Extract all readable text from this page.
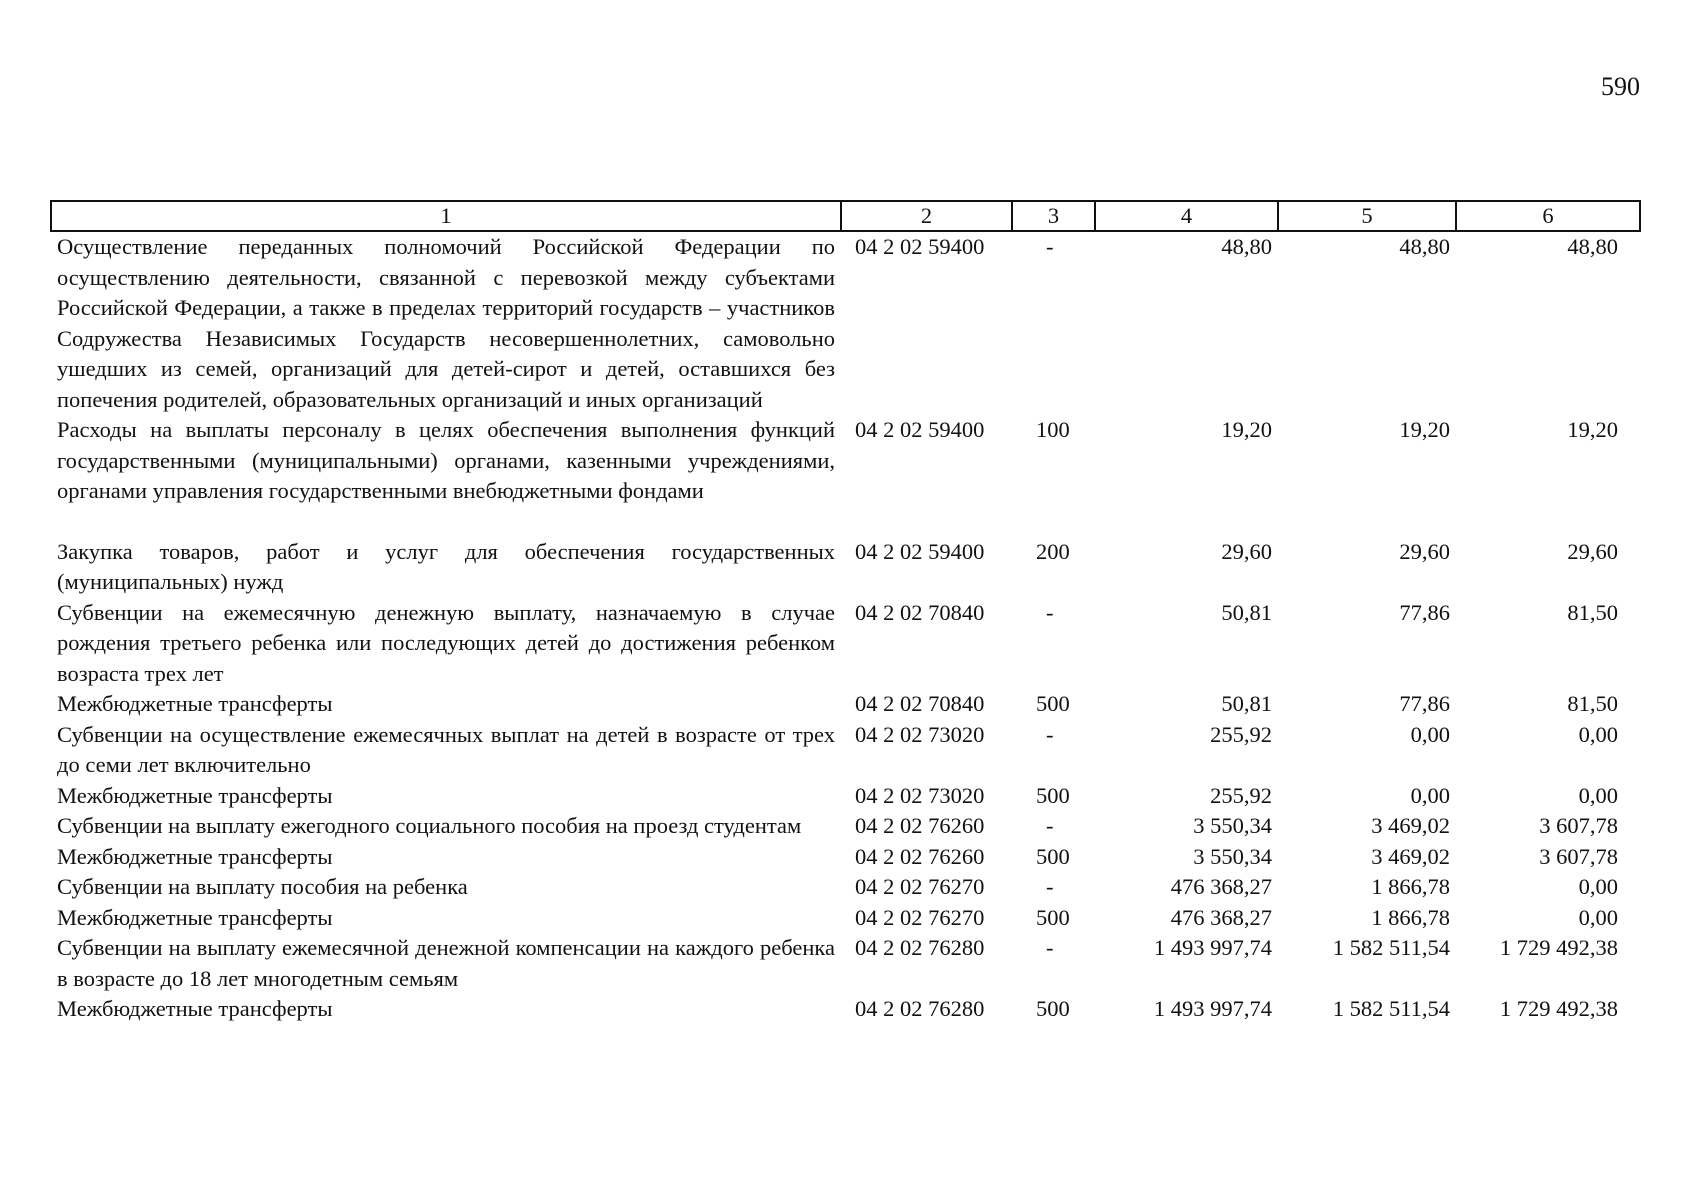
590
1	2	3	4	5	6
Осуществление переданных полномочий Российской Федерации по осуществлению деятельности, связанной с перевозкой между субъектами Российской Федерации, а также в пределах территорий государств – участников Содружества Независимых Государств несовершеннолетних, самовольно ушедших из семей, организаций для детей-сирот и детей, оставшихся без попечения родителей, образовательных организаций и иных организаций	04 2 02 59400	-	48,80	48,80	48,80
Расходы на выплаты персоналу в целях обеспечения выполнения функций государственными (муниципальными) органами, казенными учреждениями, органами управления государственными внебюджетными фондами	04 2 02 59400	100	19,20	19,20	19,20
Закупка товаров, работ и услуг для обеспечения государственных (муниципальных) нужд	04 2 02 59400	200	29,60	29,60	29,60
Субвенции на ежемесячную денежную выплату, назначаемую в случае рождения третьего ребенка или последующих детей до достижения ребенком возраста трех лет	04 2 02 70840	-	50,81	77,86	81,50
Межбюджетные трансферты	04 2 02 70840	500	50,81	77,86	81,50
Субвенции на осуществление ежемесячных выплат на детей в возрасте от трех до семи лет включительно	04 2 02 73020	-	255,92	0,00	0,00
Межбюджетные трансферты	04 2 02 73020	500	255,92	0,00	0,00
Субвенции на выплату ежегодного социального пособия на проезд студентам	04 2 02 76260	-	3 550,34	3 469,02	3 607,78
Межбюджетные трансферты	04 2 02 76260	500	3 550,34	3 469,02	3 607,78
Субвенции на выплату пособия на ребенка	04 2 02 76270	-	476 368,27	1 866,78	0,00
Межбюджетные трансферты	04 2 02 76270	500	476 368,27	1 866,78	0,00
Субвенции на выплату ежемесячной денежной компенсации на каждого ребенка в возрасте до 18 лет многодетным семьям	04 2 02 76280	-	1 493 997,74	1 582 511,54	1 729 492,38
Межбюджетные трансферты	04 2 02 76280	500	1 493 997,74	1 582 511,54	1 729 492,38
